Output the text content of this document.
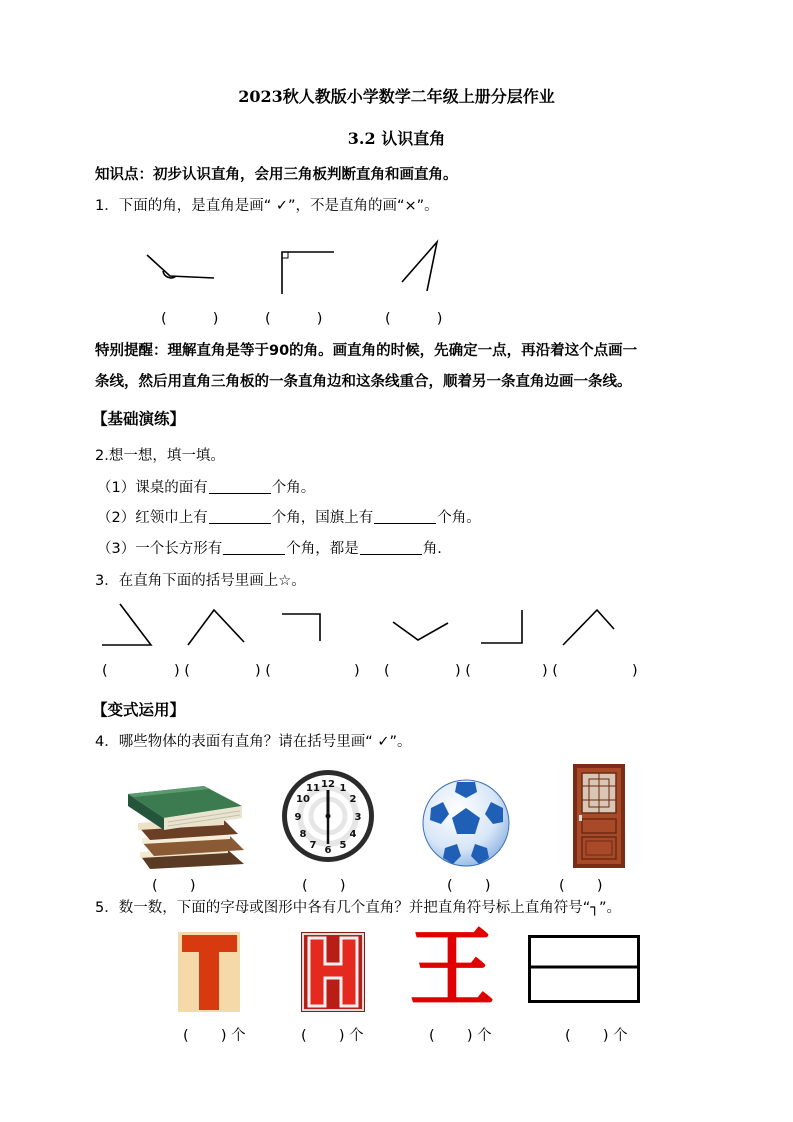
2023秋人教版小学数学二年级上册分层作业
3.2 认识直角
知识点：初步认识直角，会用三角板判断直角和画直角。
1．下面的角，是直角是画“ ✓”，不是直角的画“×”。
(          )	(          )	(          )
特别提醒：理解直角是等于90的角。画直角的时候，先确定一点，再沿着这个点画一
条线，然后用直角三角板的一条直角边和这条线重合，顺着另一条直角边画一条线。
【基础演练】
2.想一想，填一填。
（1）课桌的面有	个角。
（2）红领巾上有	个角，国旗上有	个角。
（3）一个长方形有	个角，都是	角.
3．在直角下面的括号里画上☆。
(	) (	) (	) (	) (	) (	)
【变式运用】
4．哪些物体的表面有直角？请在括号里画“ ✓”。
12 1
2
3
4
5
6
7
8
9
10
11
(       )	(       )	(       )	(       )
5．数一数，下面的字母或图形中各有几个直角？并把直角符号标上直角符号“┐”。
王
(       ) 个	(       ) 个	(       ) 个	(       ) 个
